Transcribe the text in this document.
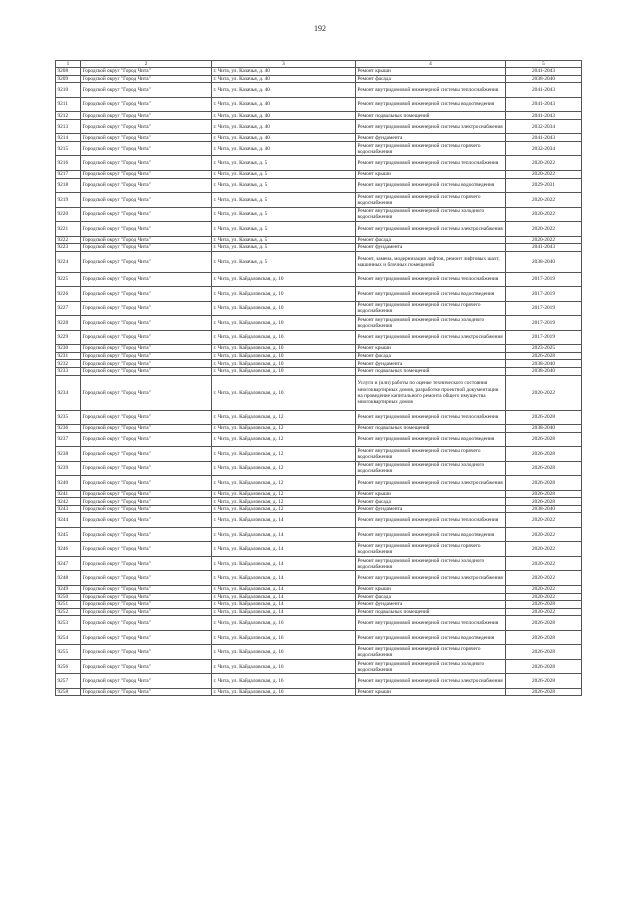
192
1	2	3	4	5
9208	Городской округ "Город Чита"	г. Чита, ул. Казачья, д. 40	Ремонт крыши	2041-2043
9209	Городской округ "Город Чита"	г. Чита, ул. Казачья, д. 40	Ремонт фасада	2038-2040
9210	Городской округ "Город Чита"	г. Чита, ул. Казачья, д. 40	Ремонт внутридомовой инженерной системы теплоснабжения	2041-2043
9211	Городской округ "Город Чита"	г. Чита, ул. Казачья, д. 40	Ремонт внутридомовой инженерной системы водоотведения	2041-2043
9212	Городской округ "Город Чита"	г. Чита, ул. Казачья, д. 40	Ремонт подвальных помещений	2041-2043
9213	Городской округ "Город Чита"	г. Чита, ул. Казачья, д. 40	Ремонт внутридомовой инженерной системы электроснабжения	2032-2034
9214	Городской округ "Город Чита"	г. Чита, ул. Казачья, д. 40	Ремонт фундамента	2041-2043
9215	Городской округ "Город Чита"	г. Чита, ул. Казачья, д. 40	Ремонт внутридомовой инженерной системы горячего водоснабжения	2032-2034
9216	Городской округ "Город Чита"	г. Чита, ул. Казачья, д. 5	Ремонт внутридомовой инженерной системы теплоснабжения	2020-2022
9217	Городской округ "Город Чита"	г. Чита, ул. Казачья, д. 5	Ремонт крыши	2020-2022
9218	Городской округ "Город Чита"	г. Чита, ул. Казачья, д. 5	Ремонт внутридомовой инженерной системы водоотведения	2029-2031
9219	Городской округ "Город Чита"	г. Чита, ул. Казачья, д. 5	Ремонт внутридомовой инженерной системы горячего водоснабжения	2020-2022
9220	Городской округ "Город Чита"	г. Чита, ул. Казачья, д. 5	Ремонт внутридомовой инженерной системы холодного водоснабжения	2020-2022
9221	Городской округ "Город Чита"	г. Чита, ул. Казачья, д. 5	Ремонт внутридомовой инженерной системы электроснабжения	2020-2022
9222	Городской округ "Город Чита"	г. Чита, ул. Казачья, д. 5	Ремонт фасада	2020-2022
9223	Городской округ "Город Чита"	г. Чита, ул. Казачья, д. 5	Ремонт фундамента	2041-2043
9224	Городской округ "Город Чита"	г. Чита, ул. Казачья, д. 5	Ремонт, замена, модернизация лифтов, ремонт лифтовых шахт, машинных и блочных помещений	2038-2040
9225	Городской округ "Город Чита"	г. Чита, ул. Кайдаловская, д. 10	Ремонт внутридомовой инженерной системы теплоснабжения	2017-2019
9226	Городской округ "Город Чита"	г. Чита, ул. Кайдаловская, д. 10	Ремонт внутридомовой инженерной системы водоотведения	2017-2019
9227	Городской округ "Город Чита"	г. Чита, ул. Кайдаловская, д. 10	Ремонт внутридомовой инженерной системы горячего водоснабжения	2017-2019
9228	Городской округ "Город Чита"	г. Чита, ул. Кайдаловская, д. 10	Ремонт внутридомовой инженерной системы холодного водоснабжения	2017-2019
9229	Городской округ "Город Чита"	г. Чита, ул. Кайдаловская, д. 10	Ремонт внутридомовой инженерной системы электроснабжения	2017-2019
9230	Городской округ "Город Чита"	г. Чита, ул. Кайдаловская, д. 10	Ремонт крыши	2023-2025
9231	Городской округ "Город Чита"	г. Чита, ул. Кайдаловская, д. 10	Ремонт фасада	2026-2028
9232	Городской округ "Город Чита"	г. Чита, ул. Кайдаловская, д. 10	Ремонт фундамента	2038-2040
9233	Городской округ "Город Чита"	г. Чита, ул. Кайдаловская, д. 10	Ремонт подвальных помещений	2038-2040
9234	Городской округ "Город Чита"	г. Чита, ул. Кайдаловская, д. 10	Услуги и (или) работы по оценке технического состояния многоквартирных домов, разработке проектной документации на проведение капитального ремонта общего имущества многоквартирных домов	2020-2022
9235	Городской округ "Город Чита"	г. Чита, ул. Кайдаловская, д. 12	Ремонт внутридомовой инженерной системы теплоснабжения	2026-2028
9236	Городской округ "Город Чита"	г. Чита, ул. Кайдаловская, д. 12	Ремонт подвальных помещений	2038-2040
9237	Городской округ "Город Чита"	г. Чита, ул. Кайдаловская, д. 12	Ремонт внутридомовой инженерной системы водоотведения	2026-2028
9238	Городской округ "Город Чита"	г. Чита, ул. Кайдаловская, д. 12	Ремонт внутридомовой инженерной системы горячего водоснабжения	2026-2028
9239	Городской округ "Город Чита"	г. Чита, ул. Кайдаловская, д. 12	Ремонт внутридомовой инженерной системы холодного водоснабжения	2026-2028
9240	Городской округ "Город Чита"	г. Чита, ул. Кайдаловская, д. 12	Ремонт внутридомовой инженерной системы электроснабжения	2026-2028
9241	Городской округ "Город Чита"	г. Чита, ул. Кайдаловская, д. 12	Ремонт крыши	2026-2028
9242	Городской округ "Город Чита"	г. Чита, ул. Кайдаловская, д. 12	Ремонт фасада	2026-2028
9243	Городской округ "Город Чита"	г. Чита, ул. Кайдаловская, д. 12	Ремонт фундамента	2038-2040
9244	Городской округ "Город Чита"	г. Чита, ул. Кайдаловская, д. 14	Ремонт внутридомовой инженерной системы теплоснабжения	2020-2022
9245	Городской округ "Город Чита"	г. Чита, ул. Кайдаловская, д. 14	Ремонт внутридомовой инженерной системы водоотведения	2020-2022
9246	Городской округ "Город Чита"	г. Чита, ул. Кайдаловская, д. 14	Ремонт внутридомовой инженерной системы горячего водоснабжения	2020-2022
9247	Городской округ "Город Чита"	г. Чита, ул. Кайдаловская, д. 14	Ремонт внутридомовой инженерной системы холодного водоснабжения	2020-2022
9248	Городской округ "Город Чита"	г. Чита, ул. Кайдаловская, д. 14	Ремонт внутридомовой инженерной системы электроснабжения	2020-2022
9249	Городской округ "Город Чита"	г. Чита, ул. Кайдаловская, д. 14	Ремонт крыши	2020-2022
9250	Городской округ "Город Чита"	г. Чита, ул. Кайдаловская, д. 14	Ремонт фасада	2020-2022
9251	Городской округ "Город Чита"	г. Чита, ул. Кайдаловская, д. 14	Ремонт фундамента	2026-2028
9252	Городской округ "Город Чита"	г. Чита, ул. Кайдаловская, д. 14	Ремонт подвальных помещений	2020-2022
9253	Городской округ "Город Чита"	г. Чита, ул. Кайдаловская, д. 16	Ремонт внутридомовой инженерной системы теплоснабжения	2026-2028
9254	Городской округ "Город Чита"	г. Чита, ул. Кайдаловская, д. 16	Ремонт внутридомовой инженерной системы водоотведения	2026-2028
9255	Городской округ "Город Чита"	г. Чита, ул. Кайдаловская, д. 16	Ремонт внутридомовой инженерной системы горячего водоснабжения	2026-2028
9256	Городской округ "Город Чита"	г. Чита, ул. Кайдаловская, д. 16	Ремонт внутридомовой инженерной системы холодного водоснабжения	2026-2028
9257	Городской округ "Город Чита"	г. Чита, ул. Кайдаловская, д. 16	Ремонт внутридомовой инженерной системы электроснабжения	2026-2028
9258	Городской округ "Город Чита"	г. Чита, ул. Кайдаловская, д. 16	Ремонт крыши	2026-2028
